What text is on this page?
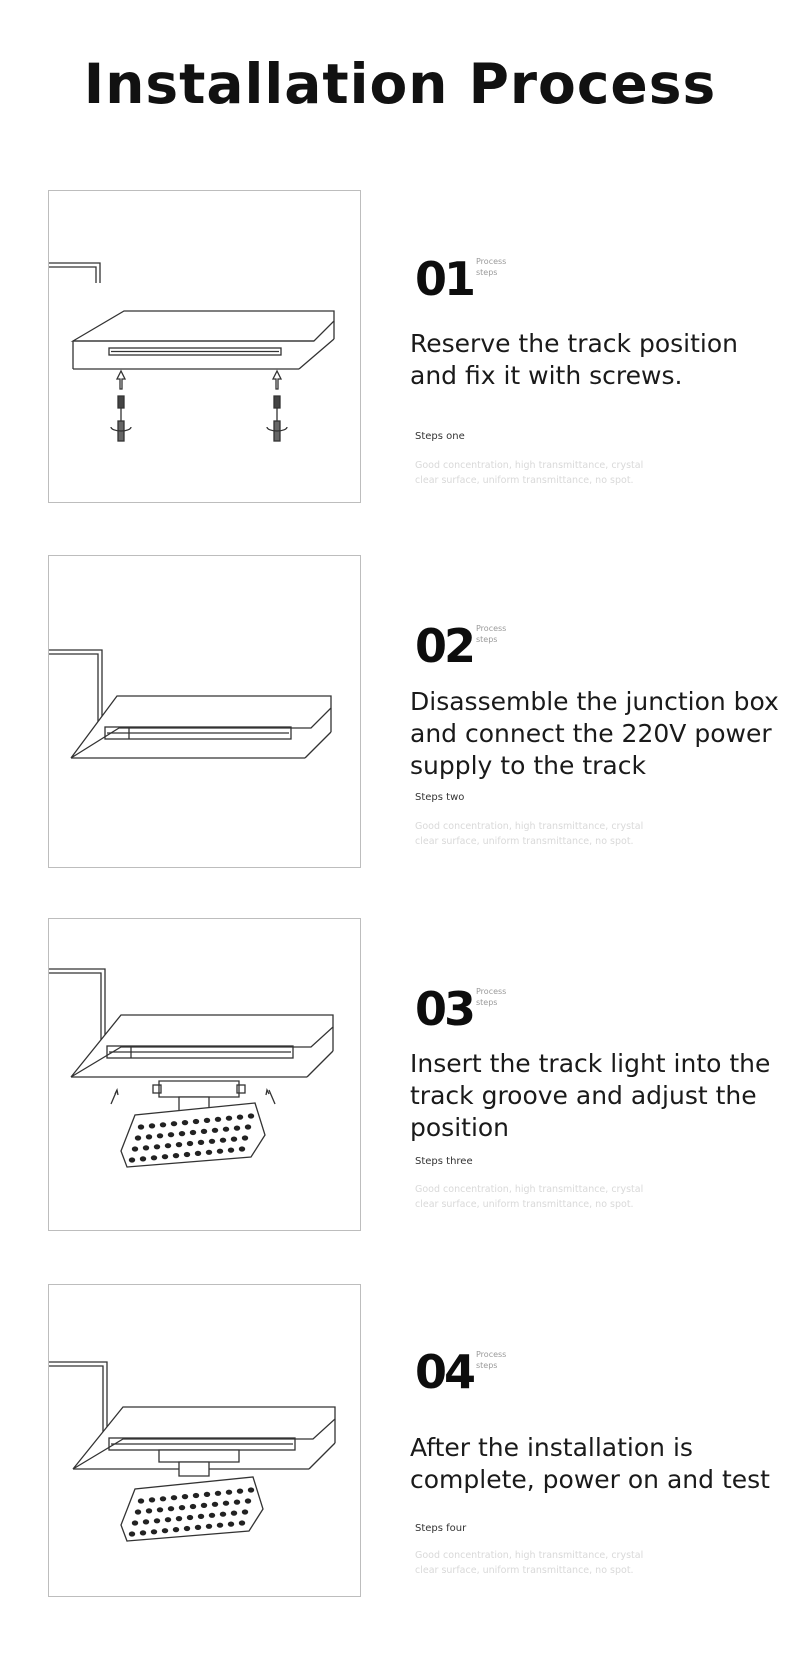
Installation Process
01 Process steps
Reserve the track position
and fix it with screws.
Steps one
Good concentration, high transmittance, crystal clear surface, uniform transmittance, no spot.
02 Process steps
Disassemble the junction box
and connect the 220V power
supply to the track
Steps two
Good concentration, high transmittance, crystal clear surface, uniform transmittance, no spot.
03 Process steps
Insert the track light into the
track groove and adjust the
position
Steps three
Good concentration, high transmittance, crystal clear surface, uniform transmittance, no spot.
04 Process steps
After the installation is
complete, power on and test
Steps four
Good concentration, high transmittance, crystal clear surface, uniform transmittance, no spot.
